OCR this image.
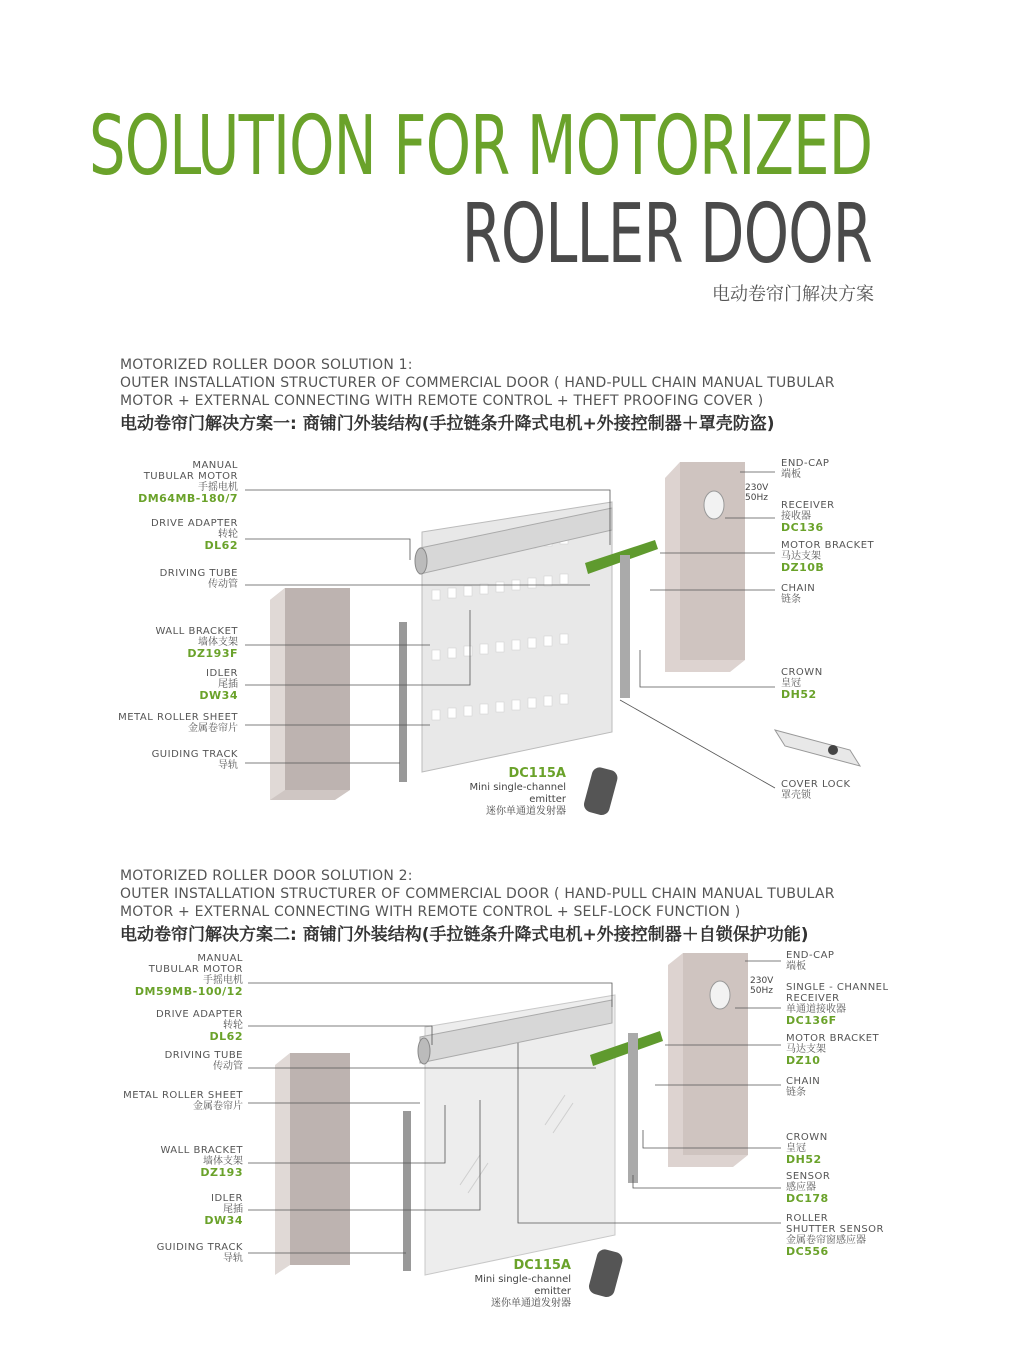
SOLUTION FOR MOTORIZED
ROLLER DOOR

电动卷帘门解决方案

MOTORIZED ROLLER DOOR SOLUTION 1:
OUTER INSTALLATION STRUCTURER OF COMMERCIAL DOOR ( HAND-PULL CHAIN MANUAL TUBULAR
MOTOR + EXTERNAL CONNECTING WITH REMOTE CONTROL + THEFT PROOFING COVER )
电动卷帘门解决方案一: 商铺门外装结构(手拉链条升降式电机+外接控制器＋罩壳防盗)
MANUAL
TUBULAR MOTOR
手摇电机
DM64MB-180/7
DRIVE ADAPTER
转轮
DL62
DRIVING TUBE
传动管
WALL BRACKET
墙体支架
DZ193F
IDLER
尾插
DW34
METAL ROLLER SHEET
金属卷帘片
GUIDING TRACK
导轨
230V
50Hz
END-CAP
端板
RECEIVER
接收器
DC136
MOTOR BRACKET
马达支架
DZ10B
CHAIN
链条
CROWN
皇冠
DH52
COVER LOCK
罩壳锁
DC115A
Mini single-channel
emitter
迷你单通道发射器
MOTORIZED ROLLER DOOR SOLUTION 2:
OUTER INSTALLATION STRUCTURER OF COMMERCIAL DOOR ( HAND-PULL CHAIN MANUAL TUBULAR
MOTOR + EXTERNAL CONNECTING WITH REMOTE CONTROL + SELF-LOCK FUNCTION )
电动卷帘门解决方案二: 商铺门外装结构(手拉链条升降式电机+外接控制器＋自锁保护功能)
MANUAL
TUBULAR MOTOR
手摇电机
DM59MB-100/12
DRIVE ADAPTER
转轮
DL62
DRIVING TUBE
传动管
METAL ROLLER SHEET
金属卷帘片
WALL BRACKET
墙体支架
DZ193
IDLER
尾插
DW34
GUIDING TRACK
导轨
230V
50Hz
END-CAP
端板
SINGLE - CHANNEL
RECEIVER
单通道接收器
DC136F
MOTOR BRACKET
马达支架
DZ10
CHAIN
链条
CROWN
皇冠
DH52
SENSOR
感应器
DC178
ROLLER
SHUTTER SENSOR
金属卷帘窗感应器
DC556
DC115A
Mini single-channel
emitter
迷你单通道发射器
